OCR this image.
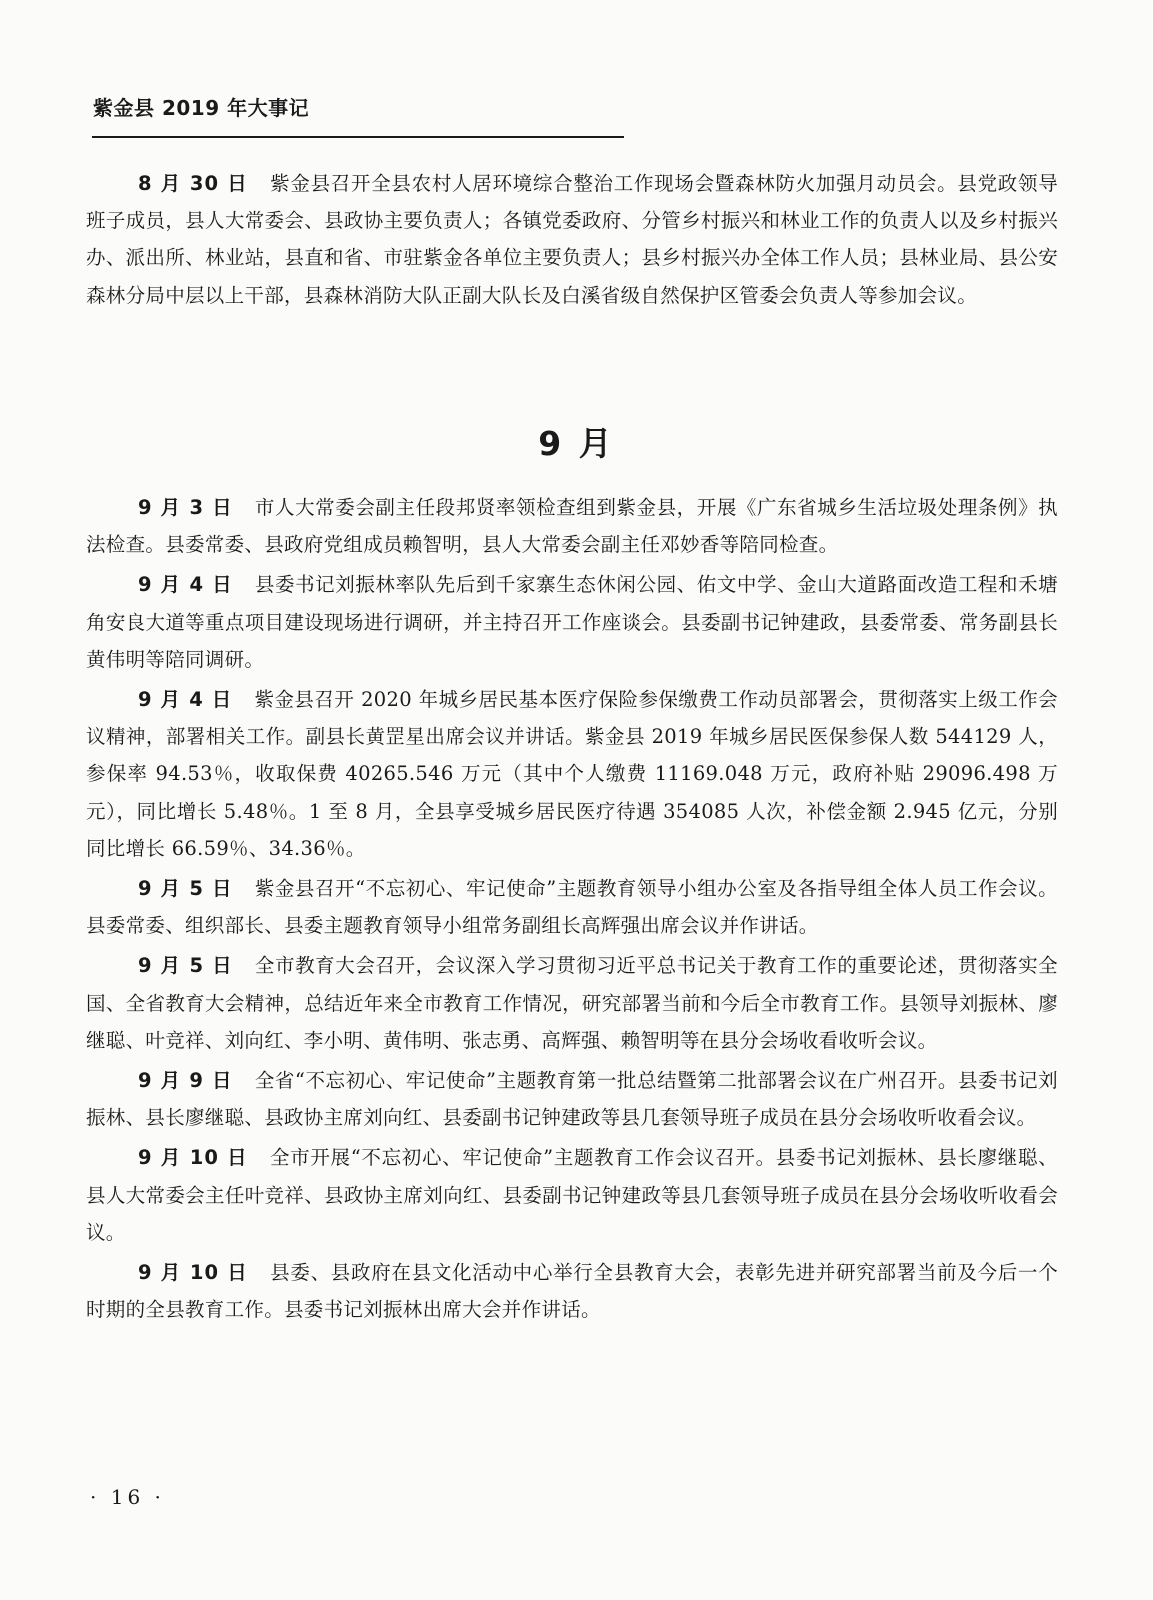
紫金县 2019 年大事记

8 月 30 日 紫金县召开全县农村人居环境综合整治工作现场会暨森林防火加强月动员会。县党政领导班子成员，县人大常委会、县政协主要负责人；各镇党委政府、分管乡村振兴和林业工作的负责人以及乡村振兴办、派出所、林业站，县直和省、市驻紫金各单位主要负责人；县乡村振兴办全体工作人员；县林业局、县公安森林分局中层以上干部，县森林消防大队正副大队长及白溪省级自然保护区管委会负责人等参加会议。

9 月

9 月 3 日 市人大常委会副主任段邦贤率领检查组到紫金县，开展《广东省城乡生活垃圾处理条例》执法检查。县委常委、县政府党组成员赖智明，县人大常委会副主任邓妙香等陪同检查。

9 月 4 日 县委书记刘振林率队先后到千家寨生态休闲公园、佑文中学、金山大道路面改造工程和禾塘角安良大道等重点项目建设现场进行调研，并主持召开工作座谈会。县委副书记钟建政，县委常委、常务副县长黄伟明等陪同调研。

9 月 4 日 紫金县召开 2020 年城乡居民基本医疗保险参保缴费工作动员部署会，贯彻落实上级工作会议精神，部署相关工作。副县长黄罡星出席会议并讲话。紫金县 2019 年城乡居民医保参保人数 544129 人，参保率 94.53％，收取保费 40265.546 万元（其中个人缴费 11169.048 万元，政府补贴 29096.498 万元），同比增长 5.48％。1 至 8 月，全县享受城乡居民医疗待遇 354085 人次，补偿金额 2.945 亿元，分别同比增长 66.59％、34.36％。

9 月 5 日 紫金县召开“不忘初心、牢记使命”主题教育领导小组办公室及各指导组全体人员工作会议。县委常委、组织部长、县委主题教育领导小组常务副组长高辉强出席会议并作讲话。

9 月 5 日 全市教育大会召开，会议深入学习贯彻习近平总书记关于教育工作的重要论述，贯彻落实全国、全省教育大会精神，总结近年来全市教育工作情况，研究部署当前和今后全市教育工作。县领导刘振林、廖继聪、叶竞祥、刘向红、李小明、黄伟明、张志勇、高辉强、赖智明等在县分会场收看收听会议。

9 月 9 日 全省“不忘初心、牢记使命”主题教育第一批总结暨第二批部署会议在广州召开。县委书记刘振林、县长廖继聪、县政协主席刘向红、县委副书记钟建政等县几套领导班子成员在县分会场收听收看会议。

9 月 10 日 全市开展“不忘初心、牢记使命”主题教育工作会议召开。县委书记刘振林、县长廖继聪、县人大常委会主任叶竞祥、县政协主席刘向红、县委副书记钟建政等县几套领导班子成员在县分会场收听收看会议。

9 月 10 日 县委、县政府在县文化活动中心举行全县教育大会，表彰先进并研究部署当前及今后一个时期的全县教育工作。县委书记刘振林出席大会并作讲话。

· 16 ·
